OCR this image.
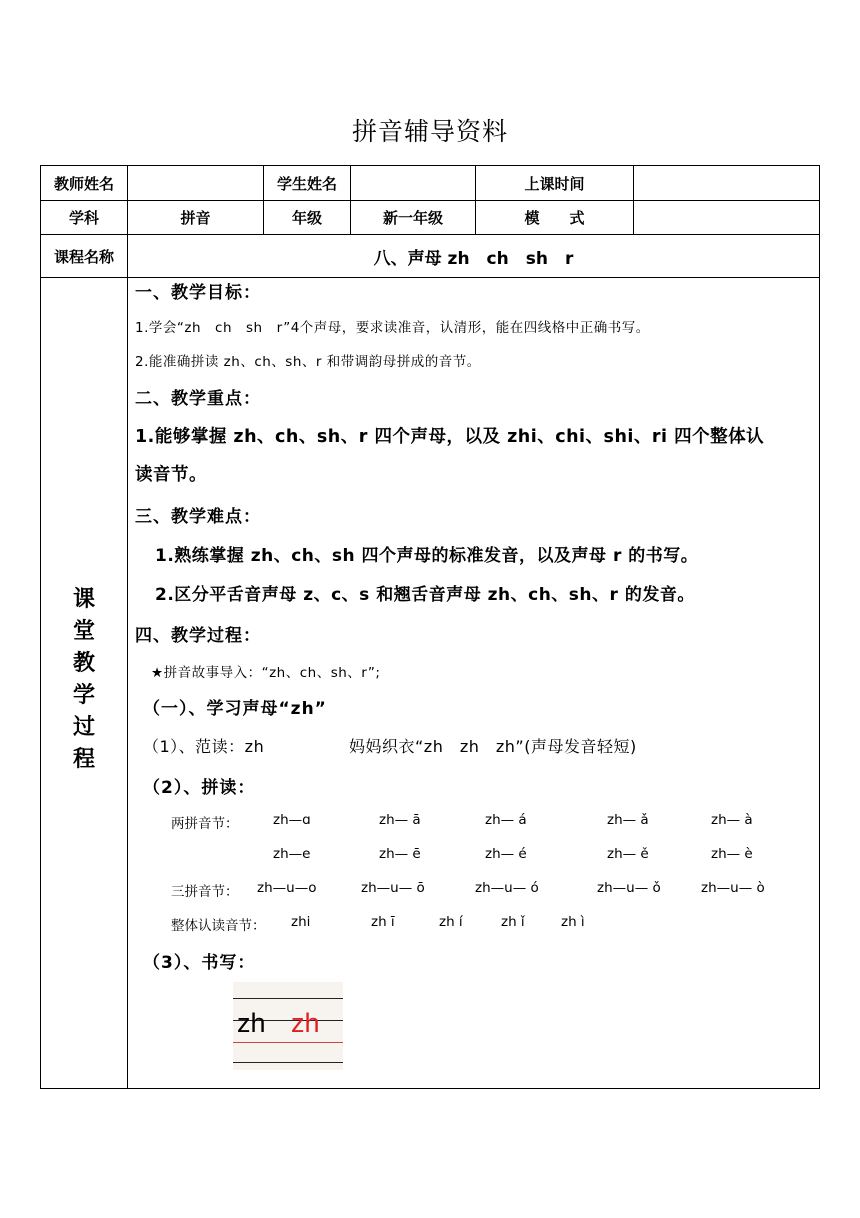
拼音辅导资料
教师姓名	学生姓名	上课时间
学科	拼音	年级	新一年级	模　　式
课程名称	八、声母 zh　ch　sh　r
课
堂
教
学
过
程
一、教学目标：
1.学会“zh　ch　sh　r”4个声母，要求读准音，认清形，能在四线格中正确书写。
2.能准确拼读 zh、ch、sh、r 和带调韵母拼成的音节。
二、教学重点：
1.能够掌握 zh、ch、sh、r 四个声母，以及 zhi、chi、shi、ri 四个整体认
读音节。
三、教学难点：
1.熟练掌握 zh、ch、sh 四个声母的标准发音，以及声母 r 的书写。
2.区分平舌音声母 z、c、s 和翘舌音声母 zh、ch、sh、r 的发音。
四、教学过程：
★拼音故事导入：“zh、ch、sh、r”;
（一）、学习声母“zh”
（1）、范读：zh	妈妈织衣“zh　zh　zh”(声母发音轻短)
（2）、拼读：
两拼音节：	zh—ɑ	zh— ā	zh— á	zh— ǎ	zh— à
zh—e	zh— ē	zh— é	zh— ě	zh— è
三拼音节： zh—u—o	zh—u— ō	zh—u— ó	zh—u— ǒ	zh—u— ò
整体认读音节： zhi	zh ī	zh í	zh ǐ	zh ì
（3）、书写：
zh zh
